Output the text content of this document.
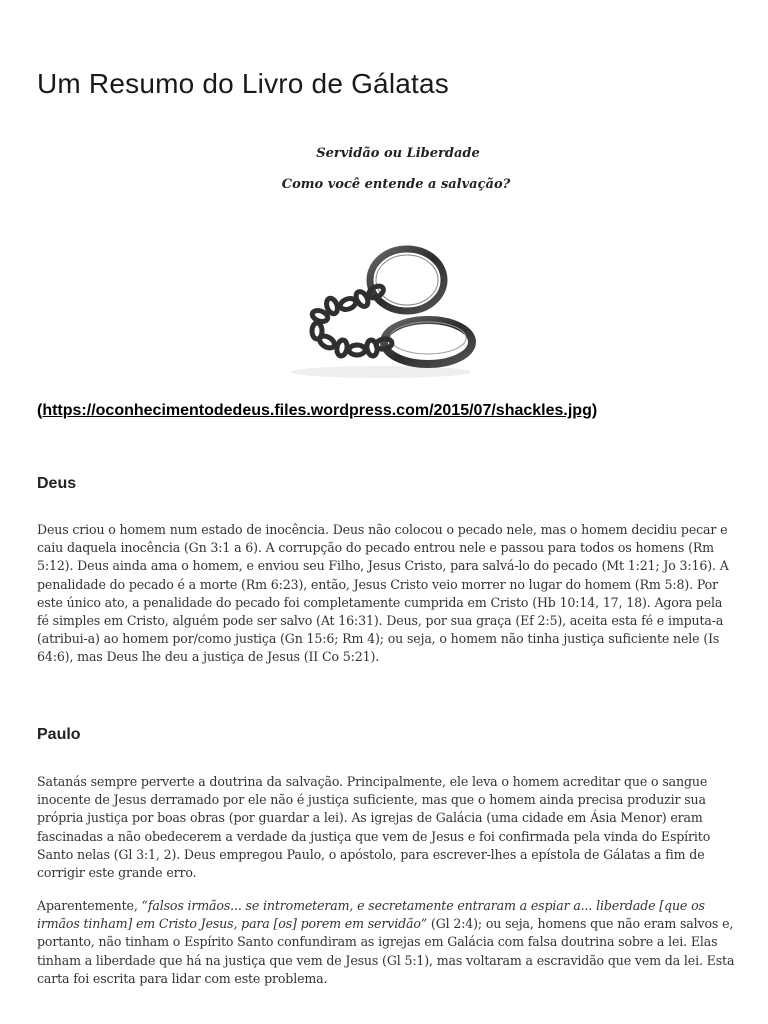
Um Resumo do Livro de Gálatas

Servidão ou Liberdade

Como você entende a salvação?

(https://oconhecimentodedeus.files.wordpress.com/2015/07/shackles.jpg)

Deus

Deus criou o homem num estado de inocência. Deus não colocou o pecado nele, mas o homem decidiu pecar e caiu daquela inocência (Gn 3:1 a 6). A corrupção do pecado entrou nele e passou para todos os homens (Rm 5:12). Deus ainda ama o homem, e enviou seu Filho, Jesus Cristo, para salvá-lo do pecado (Mt 1:21; Jo 3:16). A penalidade do pecado é a morte (Rm 6:23), então, Jesus Cristo veio morrer no lugar do homem (Rm 5:8). Por este único ato, a penalidade do pecado foi completamente cumprida em Cristo (Hb 10:14, 17, 18). Agora pela fé simples em Cristo, alguém pode ser salvo (At 16:31). Deus, por sua graça (Ef 2:5), aceita esta fé e imputa-a (atribui-a) ao homem por/como justiça (Gn 15:6; Rm 4); ou seja, o homem não tinha justiça suficiente nele (Is 64:6), mas Deus lhe deu a justiça de Jesus (II Co 5:21).

Paulo

Satanás sempre perverte a doutrina da salvação. Principalmente, ele leva o homem acreditar que o sangue inocente de Jesus derramado por ele não é justiça suficiente, mas que o homem ainda precisa produzir sua própria justiça por boas obras (por guardar a lei). As igrejas de Galácia (uma cidade em Ásia Menor) eram fascinadas a não obedecerem a verdade da justiça que vem de Jesus e foi confirmada pela vinda do Espírito Santo nelas (Gl 3:1, 2). Deus empregou Paulo, o apóstolo, para escrever-lhes a epístola de Gálatas a fim de corrigir este grande erro.

Aparentemente, “falsos irmãos... se intrometeram, e secretamente entraram a espiar a... liberdade [que os irmãos tinham] em Cristo Jesus, para [os] porem em servidão” (Gl 2:4); ou seja, homens que não eram salvos e, portanto, não tinham o Espírito Santo confundiram as igrejas em Galácia com falsa doutrina sobre a lei. Elas tinham a liberdade que há na justiça que vem de Jesus (Gl 5:1), mas voltaram a escravidão que vem da lei. Esta carta foi escrita para lidar com este problema.
